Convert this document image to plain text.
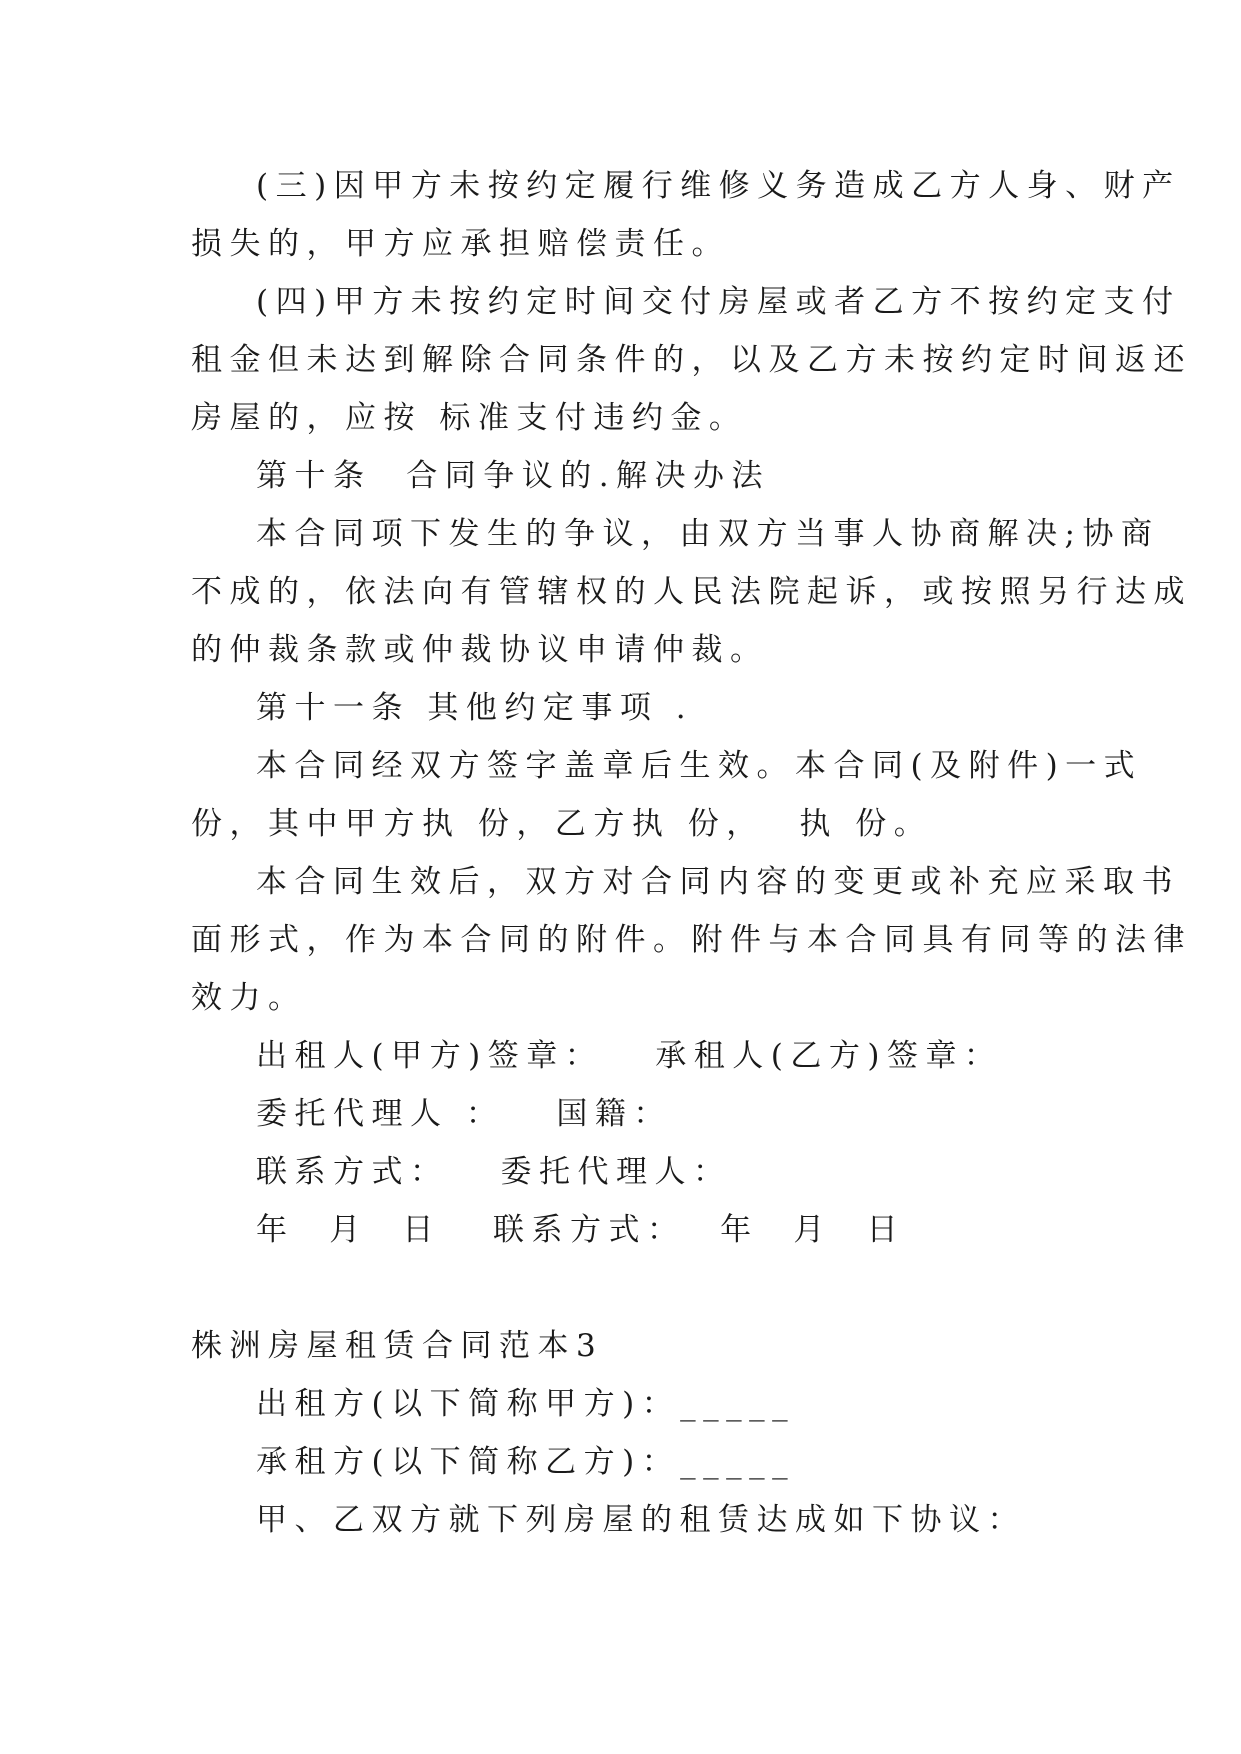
(三)因甲方未按约定履行维修义务造成乙方人身、财产
损失的，甲方应承担赔偿责任。
(四)甲方未按约定时间交付房屋或者乙方不按约定支付
租金但未达到解除合同条件的，以及乙方未按约定时间返还
房屋的，应按 标准支付违约金。
第十条  合同争议的.解决办法
本合同项下发生的争议，由双方当事人协商解决;协商
不成的，依法向有管辖权的人民法院起诉，或按照另行达成
的仲裁条款或仲裁协议申请仲裁。
第十一条 其他约定事项 .
本合同经双方签字盖章后生效。本合同(及附件)一式
份，其中甲方执 份，乙方执 份，  执 份。
本合同生效后，双方对合同内容的变更或补充应采取书
面形式，作为本合同的附件。附件与本合同具有同等的法律
效力。
出租人(甲方)签章：   承租人(乙方)签章：
委托代理人 ：   国籍：
联系方式：   委托代理人：
年  月  日   联系方式：  年  月  日
株洲房屋租赁合同范本3
出租方(以下简称甲方)：_____
承租方(以下简称乙方)：_____
甲、乙双方就下列房屋的租赁达成如下协议：
